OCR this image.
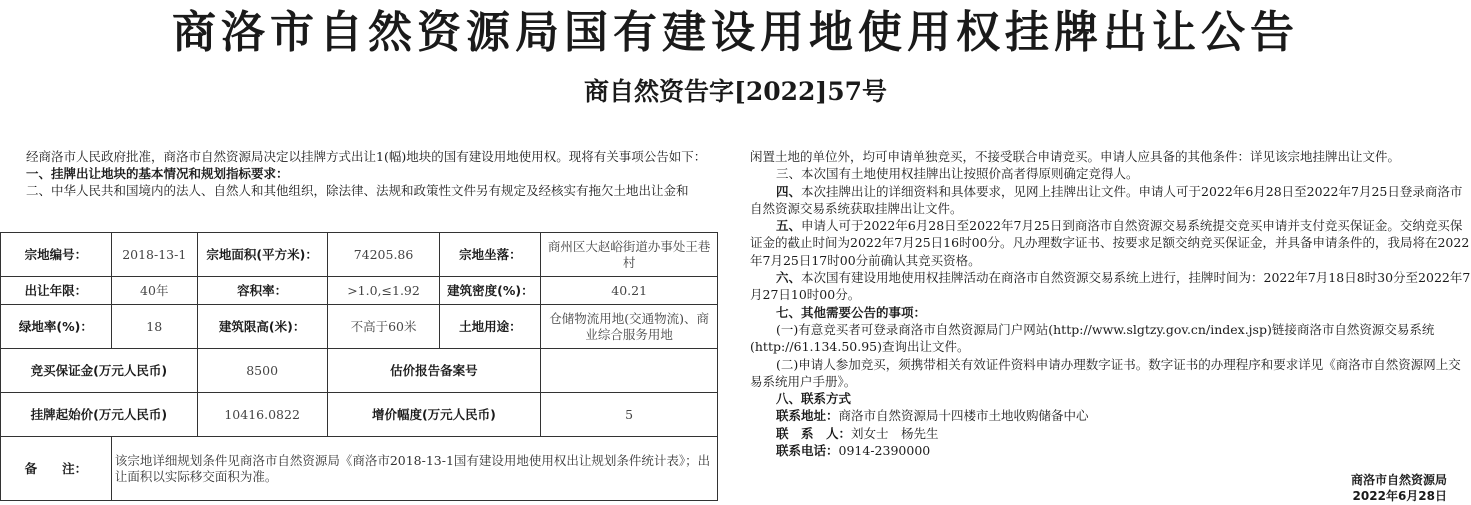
商洛市自然资源局国有建设用地使用权挂牌出让公告
商自然资告字[2022]57号

经商洛市人民政府批准，商洛市自然资源局决定以挂牌方式出让1(幅)地块的国有建设用地使用权。现将有关事项公告如下：

一、挂牌出让地块的基本情况和规划指标要求：

二、中华人民共和国境内的法人、自然人和其他组织，除法律、法规和政策性文件另有规定及经核实有拖欠土地出让金和

宗地编号：	2018-13-1	宗地面积(平方米)：	74205.86	宗地坐落：	商州区大赵峪街道办事处王巷村
出让年限：	40年	容积率：	>1.0,≤1.92	建筑密度(%)：	40.21
绿地率(%)：	18	建筑限高(米)：	不高于60米	土地用途：	仓储物流用地(交通物流)、商业综合服务用地
竞买保证金(万元人民币)		8500	估价报告备案号		
挂牌起始价(万元人民币)		10416.0822	增价幅度(万元人民币)		5
备　　注：	该宗地详细规划条件见商洛市自然资源局《商洛市2018-13-1国有建设用地使用权出让规划条件统计表》；出让面积以实际移交面积为准。				

闲置土地的单位外，均可申请单独竞买，不接受联合申请竞买。申请人应具备的其他条件：详见该宗地挂牌出让文件。

三、本次国有土地使用权挂牌出让按照价高者得原则确定竞得人。

四、本次挂牌出让的详细资料和具体要求，见网上挂牌出让文件。申请人可于2022年6月28日至2022年7月25日登录商洛市自然资源交易系统获取挂牌出让文件。

五、申请人可于2022年6月28日至2022年7月25日到商洛市自然资源交易系统提交竞买申请并支付竞买保证金。交纳竞买保证金的截止时间为2022年7月25日16时00分。凡办理数字证书、按要求足额交纳竞买保证金，并具备申请条件的，我局将在2022年7月25日17时00分前确认其竞买资格。

六、本次国有建设用地使用权挂牌活动在商洛市自然资源交易系统上进行，挂牌时间为：2022年7月18日8时30分至2022年7月27日10时00分。

七、其他需要公告的事项：

(一)有意竞买者可登录商洛市自然资源局门户网站(http://www.slgtzy.gov.cn/index.jsp)链接商洛市自然资源交易系统(http://61.134.50.95)查询出让文件。

(二)申请人参加竞买，须携带相关有效证件资料申请办理数字证书。数字证书的办理程序和要求详见《商洛市自然资源网上交易系统用户手册》。

八、联系方式

联系地址：商洛市自然资源局十四楼市土地收购储备中心

联　系　人：刘女士　杨先生

联系电话：0914-2390000

商洛市自然资源局
2022年6月28日
